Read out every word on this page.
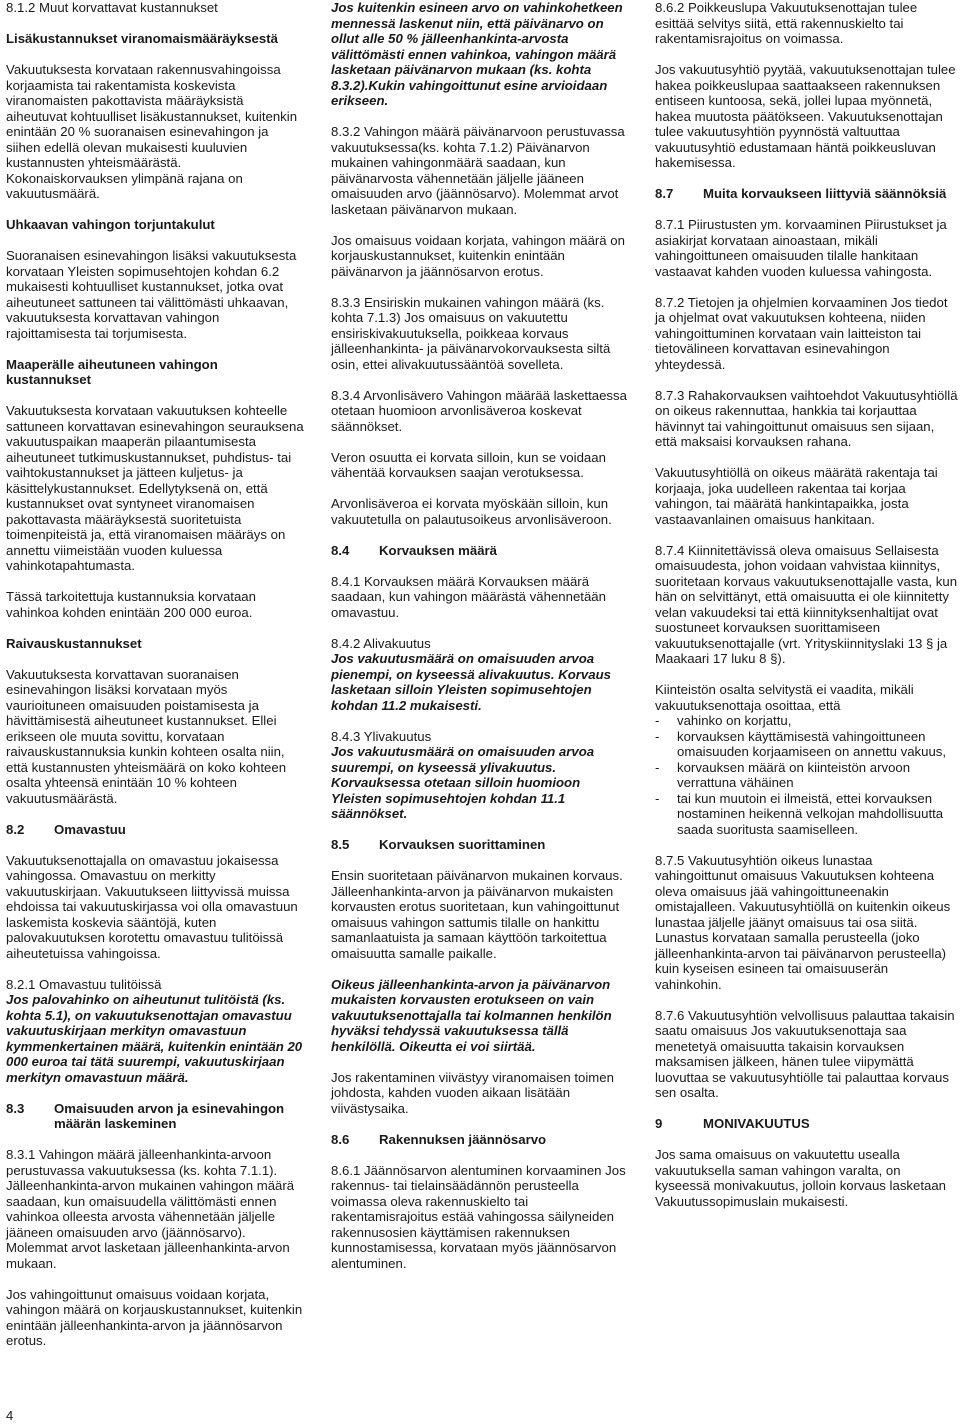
8.1.2 Muut korvattavat kustannukset

Lisäkustannukset viranomaismääräyksestä

Vakuutuksesta korvataan rakennusvahingoissa korjaamista tai rakentamista koskevista viranomaisten pakottavista määräyksistä aiheutuvat kohtuulliset lisäkustannukset, kuitenkin enintään 20 % suoranaisen esinevahingon ja siihen edellä olevan mukaisesti kuuluvien kustannusten yhteismäärästä. Kokonaiskorvauksen ylimpänä rajana on vakuutusmäärä.

Uhkaavan vahingon torjuntakulut

Suoranaisen esinevahingon lisäksi vakuutuksesta korvataan Yleisten sopimusehtojen kohdan 6.2 mukaisesti kohtuulliset kustannukset, jotka ovat aiheutuneet sattuneen tai välittömästi uhkaavan, vakuutuksesta korvattavan vahingon rajoittamisesta tai torjumisesta.

Maaperälle aiheutuneen vahingon kustannukset

Vakuutuksesta korvataan vakuutuksen kohteelle sattuneen korvattavan esinevahingon seurauksena vakuutuspaikan maaperän pilaantumisesta aiheutuneet tutkimuskustannukset, puhdistus- tai vaihtokustannukset ja jätteen kuljetus- ja käsittelykustannukset. Edellytyksenä on, että kustannukset ovat syntyneet viranomaisen pakottavasta määräyksestä suoritetuista toimenpiteistä ja, että viranomaisen määräys on annettu viimeistään vuoden kuluessa vahinkotapahtumasta.

Tässä tarkoitettuja kustannuksia korvataan vahinkoa kohden enintään 200 000 euroa.

Raivauskustannukset

Vakuutuksesta korvattavan suoranaisen esinevahingon lisäksi korvataan myös vaurioituneen omaisuuden poistamisesta ja hävittämisestä aiheutuneet kustannukset. Ellei erikseen ole muuta sovittu, korvataan raivauskustannuksia kunkin kohteen osalta niin, että kustannusten yhteismäärä on koko kohteen osalta yhteensä enintään 10 % kohteen vakuutusmäärästä.

8.2	Omavastuu

Vakuutuksenottajalla on omavastuu jokaisessa vahingossa. Omavastuu on merkitty vakuutuskirjaan. Vakuutukseen liittyvissä muissa ehdoissa tai vakuutuskirjassa voi olla omavastuun laskemista koskevia sääntöjä, kuten palovakuutuksen korotettu omavastuu tulitöissä aiheutetuissa vahingoissa.

8.2.1 Omavastuu tulitöissä

Jos palovahinko on aiheutunut tulitöistä (ks. kohta 5.1), on vakuutuksenottajan omavastuu vakuutuskirjaan merkityn omavastuun kymmenkertainen määrä, kuitenkin enintään 20 000 euroa tai tätä suurempi, vakuutuskirjaan merkityn omavastuun määrä.

8.3	Omaisuuden arvon ja esinevahingon määrän laskeminen

8.3.1 Vahingon määrä jälleenhankinta-arvoon perustuvassa vakuutuksessa (ks. kohta 7.1.1). Jälleenhankinta-arvon mukainen vahingon määrä saadaan, kun omaisuudella välittömästi ennen vahinkoa olleesta arvosta vähennetään jäljelle jääneen omaisuuden arvo (jäännösarvo). Molemmat arvot lasketaan jälleenhankinta-arvon mukaan.

Jos vahingoittunut omaisuus voidaan korjata, vahingon määrä on korjauskustannukset, kuitenkin enintään jälleenhankinta-arvon ja jäännösarvon erotus.

Jos kuitenkin esineen arvo on vahinkohetkeen mennessä laskenut niin, että päivänarvo on ollut alle 50 % jälleenhankinta-arvosta välittömästi ennen vahinkoa, vahingon määrä lasketaan päivänarvon mukaan (ks. kohta 8.3.2).Kukin vahingoittunut esine arvioidaan erikseen.

8.3.2 Vahingon määrä päivänarvoon perustuvassa vakuutuksessa(ks. kohta 7.1.2) Päivänarvon mukainen vahingonmäärä saadaan, kun päivänarvosta vähennetään jäljelle jääneen omaisuuden arvo (jäännösarvo). Molemmat arvot lasketaan päivänarvon mukaan.

Jos omaisuus voidaan korjata, vahingon määrä on korjauskustannukset, kuitenkin enintään päivänarvon ja jäännösarvon erotus.

8.3.3 Ensiriskin mukainen vahingon määrä (ks. kohta 7.1.3) Jos omaisuus on vakuutettu ensiriskivakuutuksella, poikkeaa korvaus jälleenhankinta- ja päivänarvokorvauksesta siltä osin, ettei alivakuutussääntöä sovelleta.

8.3.4 Arvonlisävero Vahingon määrää laskettaessa otetaan huomioon arvonlisäveroa koskevat säännökset.

Veron osuutta ei korvata silloin, kun se voidaan vähentää korvauksen saajan verotuksessa.

Arvonlisäveroa ei korvata myöskään silloin, kun vakuutetulla on palautusoikeus arvonlisäveroon.

8.4	Korvauksen määrä

8.4.1 Korvauksen määrä Korvauksen määrä saadaan, kun vahingon määrästä vähennetään omavastuu.

8.4.2 Alivakuutus

Jos vakuutusmäärä on omaisuuden arvoa pienempi, on kyseessä alivakuutus. Korvaus lasketaan silloin Yleisten sopimusehtojen kohdan 11.2 mukaisesti.

8.4.3 Ylivakuutus

Jos vakuutusmäärä on omaisuuden arvoa suurempi, on kyseessä ylivakuutus. Korvauksessa otetaan silloin huomioon Yleisten sopimusehtojen kohdan 11.1 säännökset.

8.5	Korvauksen suorittaminen

Ensin suoritetaan päivänarvon mukainen korvaus. Jälleenhankinta-arvon ja päivänarvon mukaisten korvausten erotus suoritetaan, kun vahingoittunut omaisuus vahingon sattumis tilalle on hankittu samanlaatuista ja samaan käyttöön tarkoitettua omaisuutta samalle paikalle.

Oikeus jälleenhankinta-arvon ja päivänarvon mukaisten korvausten erotukseen on vain vakuutuksenottajalla tai kolmannen henkilön hyväksi tehdyssä vakuutuksessa tällä henkilöllä. Oikeutta ei voi siirtää.

Jos rakentaminen viivästyy viranomaisen toimen johdosta, kahden vuoden aikaan lisätään viivästysaika.

8.6	Rakennuksen jäännösarvo

8.6.1 Jäännösarvon alentuminen korvaaminen Jos rakennus- tai tielainsäädännön perusteella voimassa oleva rakennuskielto tai rakentamisrajoitus estää vahingossa säilyneiden rakennusosien käyttämisen rakennuksen kunnostamisessa, korvataan myös jäännösarvon alentuminen.

8.6.2 Poikkeuslupa Vakuutuksenottajan tulee esittää selvitys siitä, että rakennuskielto tai rakentamisrajoitus on voimassa.

Jos vakuutusyhtiö pyytää, vakuutuksenottajan tulee hakea poikkeuslupaa saattaakseen rakennuksen entiseen kuntoosa, sekä, jollei lupaa myönnetä, hakea muutosta päätökseen. Vakuutuksenottajan tulee vakuutusyhtiön pyynnöstä valtuuttaa vakuutusyhtiö edustamaan häntä poikkeusluvan hakemisessa.

8.7	Muita korvaukseen liittyviä säännöksiä

8.7.1 Piirustusten ym. korvaaminen Piirustukset ja asiakirjat korvataan ainoastaan, mikäli vahingoittuneen omaisuuden tilalle hankitaan vastaavat kahden vuoden kuluessa vahingosta.

8.7.2 Tietojen ja ohjelmien korvaaminen Jos tiedot ja ohjelmat ovat vakuutuksen kohteena, niiden vahingoittuminen korvataan vain laitteiston tai tietovälineen korvattavan esinevahingon yhteydessä.

8.7.3 Rahakorvauksen vaihtoehdot Vakuutusyhtiöllä on oikeus rakennuttaa, hankkia tai korjauttaa hävinnyt tai vahingoittunut omaisuus sen sijaan, että maksaisi korvauksen rahana.

Vakuutusyhtiöllä on oikeus määrätä rakentaja tai korjaaja, joka uudelleen rakentaa tai korjaa vahingon, tai määrätä hankintapaikka, josta vastaavanlainen omaisuus hankitaan.

8.7.4 Kiinnitettävissä oleva omaisuus Sellaisesta omaisuudesta, johon voidaan vahvistaa kiinnitys, suoritetaan korvaus vakuutuksenottajalle vasta, kun hän on selvittänyt, että omaisuutta ei ole kiinnitetty velan vakuudeksi tai että kiinnityksenhaltijat ovat suostuneet korvauksen suorittamiseen vakuutuksenottajalle (vrt. Yrityskiinnityslaki 13 § ja Maakaari 17 luku 8 §).

Kiinteistön osalta selvitystä ei vaadita, mikäli vakuutuksenottaja osoittaa, että

-	vahinko on korjattu,
-	korvauksen käyttämisestä vahingoittuneen omaisuuden korjaamiseen on annettu vakuus,
-	korvauksen määrä on kiinteistön arvoon verrattuna vähäinen
-	tai kun muutoin ei ilmeistä, ettei korvauksen nostaminen heikennä velkojan mahdollisuutta saada suoritusta saamiselleen.

8.7.5 Vakuutusyhtiön oikeus lunastaa vahingoittunut omaisuus Vakuutuksen kohteena oleva omaisuus jää vahingoittuneenakin omistajalleen. Vakuutusyhtiöllä on kuitenkin oikeus lunastaa jäljelle jäänyt omaisuus tai osa siitä. Lunastus korvataan samalla perusteella (joko jälleenhankinta-arvon tai päivänarvon perusteella) kuin kyseisen esineen tai omaisuuserän vahinkohin.

8.7.6 Vakuutusyhtiön velvollisuus palauttaa takaisin saatu omaisuus Jos vakuutuksenottaja saa menetetyä omaisuutta takaisin korvauksen maksamisen jälkeen, hänen tulee viipymättä luovuttaa se vakuutusyhtiölle tai palauttaa korvaus sen osalta.

9	MONIVAKUUTUS

Jos sama omaisuus on vakuutettu usealla vakuutuksella saman vahingon varalta, on kyseessä monivakuutus, jolloin korvaus lasketaan Vakuutussopimuslain mukaisesti.

4
